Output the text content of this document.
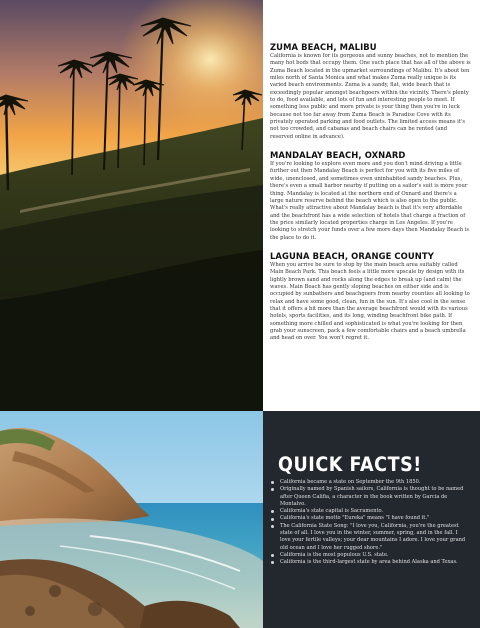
ZUMA BEACH, MALIBU

California is known for its gorgeous and sunny beaches, not to mention the many hot bods that occupy them. One such place that has all of the above is Zuma Beach located in the upmarket surroundings of Malibu. It's about ten miles north of Santa Monica and what makes Zuma really unique is its varied beach environments. Zuma is a sandy, flat, wide beach that is exceedingly popular amongst beachgoers within the vicinity. There's plenty to do, food available, and lots of fun and interesting people to meet. If something less public and more private is your thing then you're in luck because not too far away from Zuma Beach is Paradise Cove with its privately operated parking and food outlets. The limited access means it's not too crowded, and cabanas and beach chairs can be rented (and reserved online in advance).

MANDALAY BEACH, OXNARD

If you're looking to explore even more and you don't mind driving a little further out then Mandalay Beach is perfect for you with its five miles of wide, unenclosed, and sometimes even uninhabited sandy beaches. Plus, there's even a small harbor nearby if putting on a sailor's suit is more your thing. Mandalay is located at the northern end of Oxnard and there's a large nature reserve behind the beach which is also open to the public. What's really attractive about Mandalay beach is that it's very affordable and the beachfront has a wide selection of hotels that charge a fraction of the price similarly located properties charge in Los Angeles. If you're looking to stretch your funds over a few more days then Mandalay Beach is the place to do it.

LAGUNA BEACH, ORANGE COUNTY

When you arrive be sure to stop by the main beach area suitably called Main Beach Park. This beach feels a little more upscale by design with its lightly brown sand and rocks along the edges to break up (and calm) the waves. Main Beach has gently sloping beaches on either side and is occupied by sunbathers and beachgoers from nearby counties all looking to relax and have some good, clean, fun in the sun. It's also cool in the sense that it offers a bit more than the average beachfront would with its various hotels, sports facilities, and its long, winding beachfront bike path. If something more chilled and sophisticated is what you're looking for then grab your sunscreen, pack a few comfortable chairs and a beach umbrella and head on over. You won't regret it.

QUICK FACTS!
California became a state on September the 9th 1850.
Originally named by Spanish sailors, California is thought to be named after Queen Califia, a character in the book written by Garcia de Montalvo.
California's state capital is Sacramento.
California's state motto "Eureka" means "I have found it."
The California State Song: "I love you, California, you're the greatest state of all. I love you in the winter, summer, spring, and in the fall. I love your fertile valleys; your dear mountains I adore. I love your grand old ocean and I love her rugged shore."
California is the most populous U.S. state.
California is the third-largest state by area behind Alaska and Texas.
